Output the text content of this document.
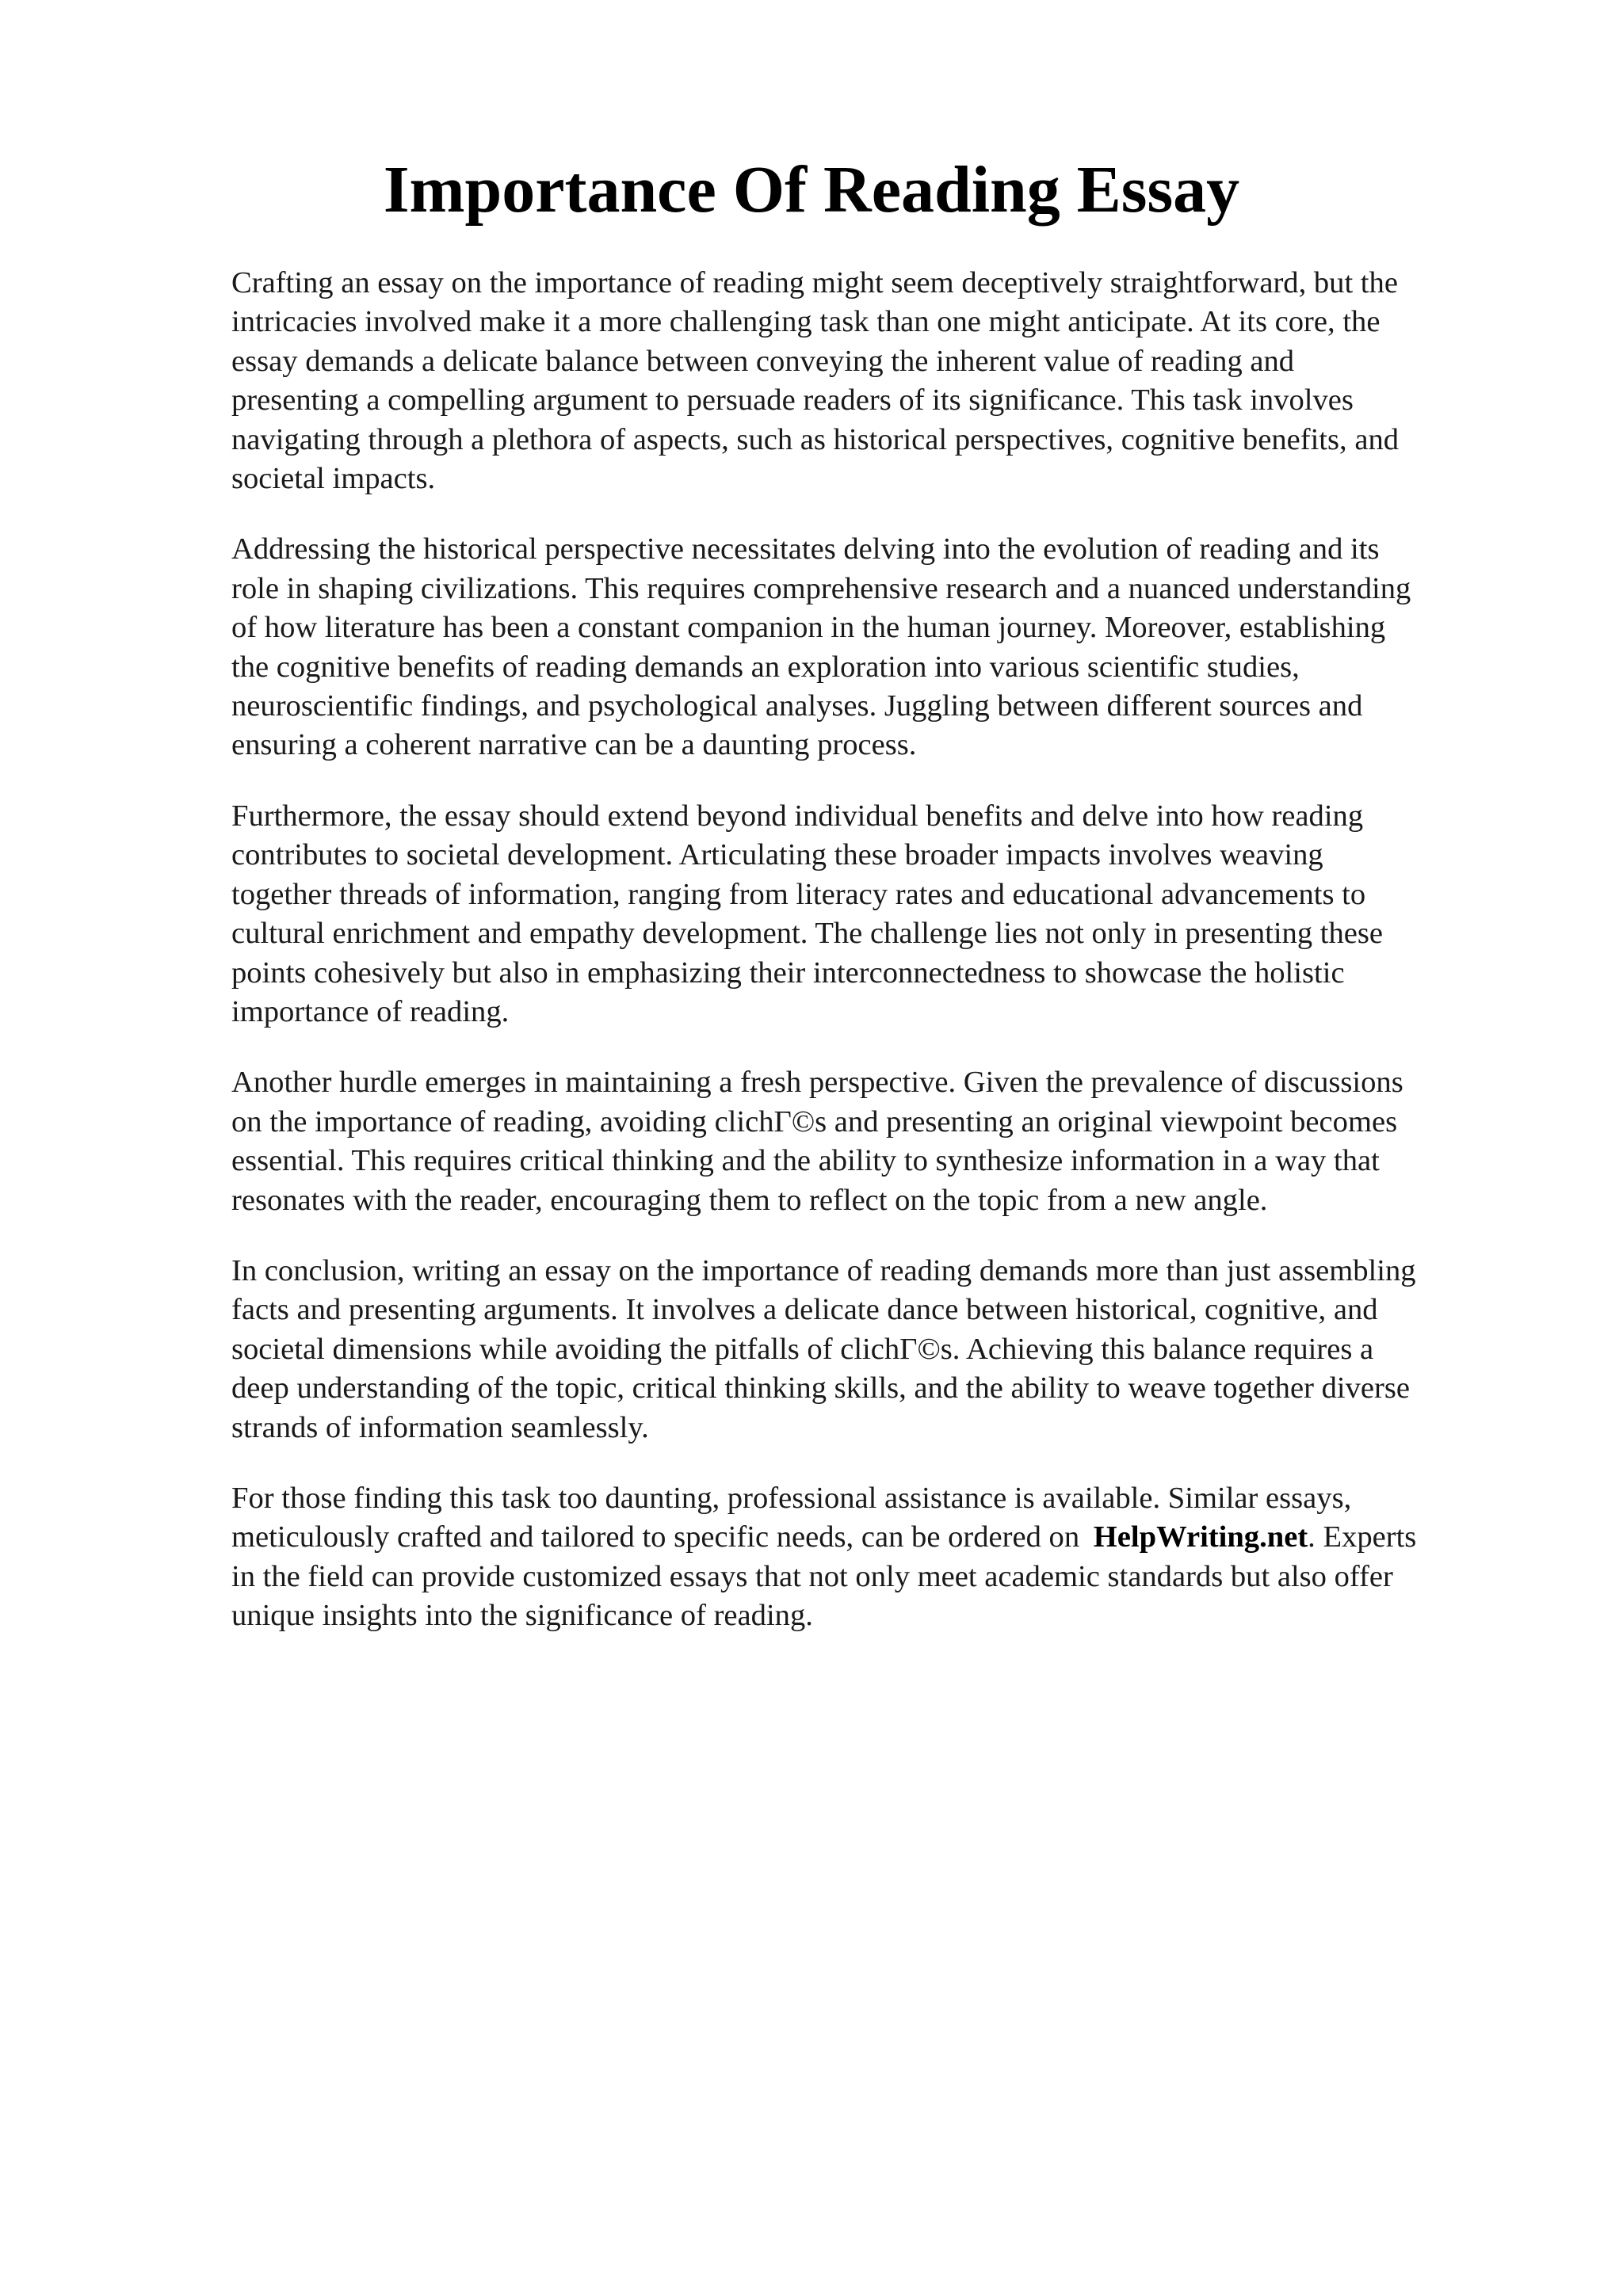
Importance Of Reading Essay

Crafting an essay on the importance of reading might seem deceptively straightforward, but the
intricacies involved make it a more challenging task than one might anticipate. At its core, the
essay demands a delicate balance between conveying the inherent value of reading and
presenting a compelling argument to persuade readers of its significance. This task involves
navigating through a plethora of aspects, such as historical perspectives, cognitive benefits, and
societal impacts.

Addressing the historical perspective necessitates delving into the evolution of reading and its
role in shaping civilizations. This requires comprehensive research and a nuanced understanding
of how literature has been a constant companion in the human journey. Moreover, establishing
the cognitive benefits of reading demands an exploration into various scientific studies,
neuroscientific findings, and psychological analyses. Juggling between different sources and
ensuring a coherent narrative can be a daunting process.

Furthermore, the essay should extend beyond individual benefits and delve into how reading
contributes to societal development. Articulating these broader impacts involves weaving
together threads of information, ranging from literacy rates and educational advancements to
cultural enrichment and empathy development. The challenge lies not only in presenting these
points cohesively but also in emphasizing their interconnectedness to showcase the holistic
importance of reading.

Another hurdle emerges in maintaining a fresh perspective. Given the prevalence of discussions
on the importance of reading, avoiding clichΓ©s and presenting an original viewpoint becomes
essential. This requires critical thinking and the ability to synthesize information in a way that
resonates with the reader, encouraging them to reflect on the topic from a new angle.

In conclusion, writing an essay on the importance of reading demands more than just assembling
facts and presenting arguments. It involves a delicate dance between historical, cognitive, and
societal dimensions while avoiding the pitfalls of clichΓ©s. Achieving this balance requires a
deep understanding of the topic, critical thinking skills, and the ability to weave together diverse
strands of information seamlessly.

For those finding this task too daunting, professional assistance is available. Similar essays,
meticulously crafted and tailored to specific needs, can be ordered on HelpWriting.net. Experts
in the field can provide customized essays that not only meet academic standards but also offer
unique insights into the significance of reading.
